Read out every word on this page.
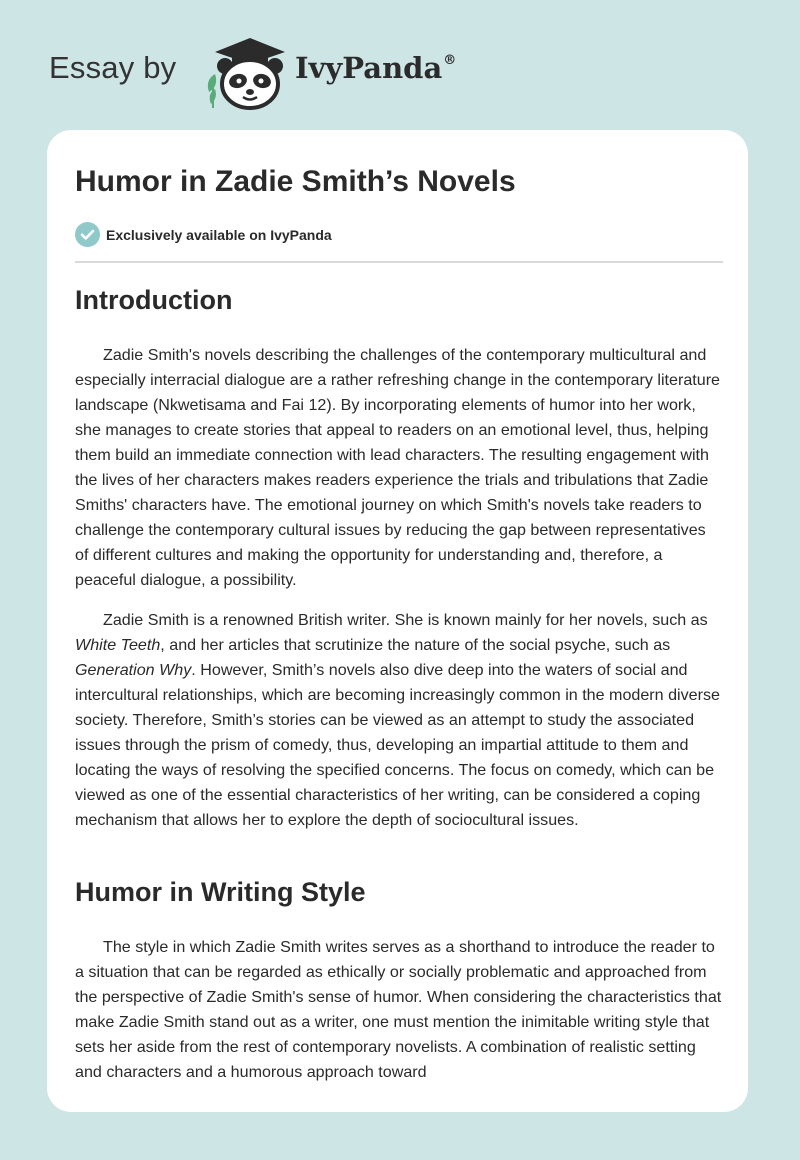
Essay by	IvyPanda®
Humor in Zadie Smith’s Novels
Exclusively available on IvyPanda
Introduction

Zadie Smith's novels describing the challenges of the contemporary multicultural and especially interracial dialogue are a rather refreshing change in the contemporary literature landscape (Nkwetisama and Fai 12). By incorporating elements of humor into her work, she manages to create stories that appeal to readers on an emotional level, thus, helping them build an immediate connection with lead characters. The resulting engagement with the lives of her characters makes readers experience the trials and tribulations that Zadie Smiths' characters have. The emotional journey on which Smith's novels take readers to challenge the contemporary cultural issues by reducing the gap between representatives of different cultures and making the opportunity for understanding and, therefore, a peaceful dialogue, a possibility.

Zadie Smith is a renowned British writer. She is known mainly for her novels, such as White Teeth, and her articles that scrutinize the nature of the social psyche, such as Generation Why. However, Smith’s novels also dive deep into the waters of social and intercultural relationships, which are becoming increasingly common in the modern diverse society. Therefore, Smith’s stories can be viewed as an attempt to study the associated issues through the prism of comedy, thus, developing an impartial attitude to them and locating the ways of resolving the specified concerns. The focus on comedy, which can be viewed as one of the essential characteristics of her writing, can be considered a coping mechanism that allows her to explore the depth of sociocultural issues.

Humor in Writing Style

The style in which Zadie Smith writes serves as a shorthand to introduce the reader to a situation that can be regarded as ethically or socially problematic and approached from the perspective of Zadie Smith's sense of humor. When considering the characteristics that make Zadie Smith stand out as a writer, one must mention the inimitable writing style that sets her aside from the rest of contemporary novelists. A combination of realistic setting and characters and a humorous approach toward
